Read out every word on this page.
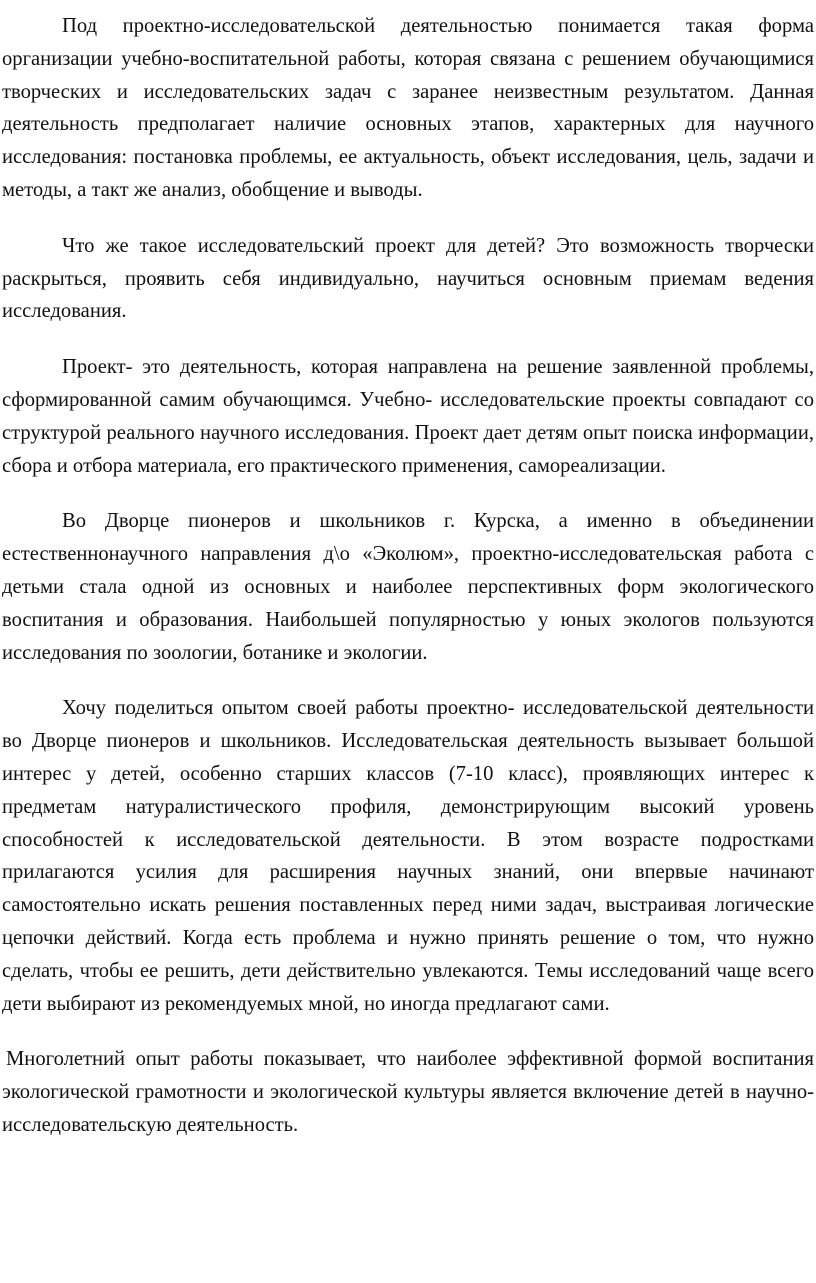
Под проектно-исследовательской деятельностью понимается такая форма организации учебно-воспитательной работы, которая связана с решением обучающимися творческих и исследовательских задач с заранее неизвестным результатом. Данная деятельность предполагает наличие основных этапов, характерных для научного исследования: постановка проблемы, ее актуальность, объект исследования, цель, задачи и методы, а такт же анализ, обобщение и выводы.

Что же такое исследовательский проект для детей? Это возможность творчески раскрыться, проявить себя индивидуально, научиться основным приемам ведения исследования.

Проект- это деятельность, которая направлена на решение заявленной проблемы, сформированной самим обучающимся. Учебно- исследовательские проекты совпадают со структурой реального научного исследования. Проект дает детям опыт поиска информации, сбора и отбора материала, его практического применения, самореализации.

Во Дворце пионеров и школьников г. Курска, а именно в объединении естественнонаучного направления д\о «Эколюм», проектно-исследовательская работа с детьми стала одной из основных и наиболее перспективных форм экологического воспитания и образования. Наибольшей популярностью у юных экологов пользуются исследования по зоологии, ботанике и экологии.

Хочу поделиться опытом своей работы проектно- исследовательской деятельности во Дворце пионеров и школьников. Исследовательская деятельность вызывает большой интерес у детей, особенно старших классов (7-10 класс), проявляющих интерес к предметам натуралистического профиля, демонстрирующим высокий уровень способностей к исследовательской деятельности. В этом возрасте подростками прилагаются усилия для расширения научных знаний, они впервые начинают самостоятельно искать решения поставленных перед ними задач, выстраивая логические цепочки действий. Когда есть проблема и нужно принять решение о том, что нужно сделать, чтобы ее решить, дети действительно увлекаются. Темы исследований чаще всего дети выбирают из рекомендуемых мной, но иногда предлагают сами.

Многолетний опыт работы показывает, что наиболее эффективной формой воспитания экологической грамотности и экологической культуры является включение детей в научно-исследовательскую деятельность.
